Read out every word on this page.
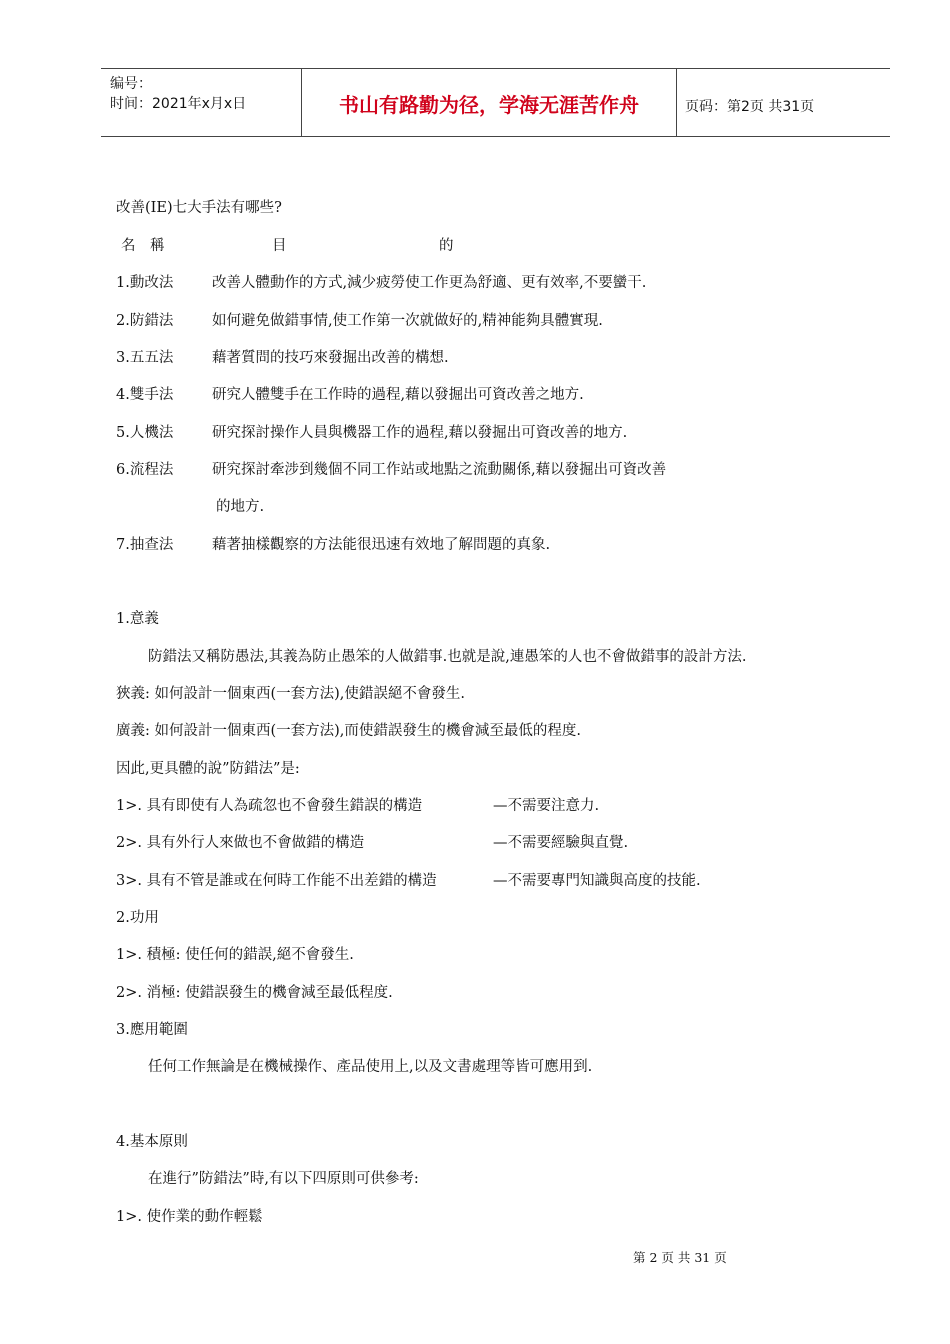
编号：
时间：2021年x月x日	书山有路勤为径，学海无涯苦作舟	页码：第2页 共31页
改善(IE)七大手法有哪些?
名　稱	目	的
1.動改法	改善人體動作的方式,減少疲勞使工作更為舒適、更有效率,不要蠻干.
2.防錯法	如何避免做錯事情,使工作第一次就做好的,精神能夠具體實現.
3.五五法	藉著質問的技巧來發掘出改善的構想.
4.雙手法	研究人體雙手在工作時的過程,藉以發掘出可資改善之地方.
5.人機法	研究探討操作人員與機器工作的過程,藉以發掘出可資改善的地方.
6.流程法	研究探討牽涉到幾個不同工作站或地點之流動關係,藉以發掘出可資改善
的地方.
7.抽查法	藉著抽樣觀察的方法能很迅速有效地了解問題的真象.
1.意義
防錯法又稱防愚法,其義為防止愚笨的人做錯事.也就是說,連愚笨的人也不會做錯事的設計方法.
狹義: 如何設計一個東西(一套方法),使錯誤絕不會發生.
廣義: 如何設計一個東西(一套方法),而使錯誤發生的機會減至最低的程度.
因此,更具體的說”防錯法”是:
1>. 具有即使有人為疏忽也不會發生錯誤的構造	—不需要注意力.
2>. 具有外行人來做也不會做錯的構造	—不需要經驗與直覺.
3>. 具有不管是誰或在何時工作能不出差錯的構造	—不需要專門知識與高度的技能.
2.功用
1>. 積極: 使任何的錯誤,絕不會發生.
2>. 消極: 使錯誤發生的機會減至最低程度.
3.應用範圍
任何工作無論是在機械操作、產品使用上,以及文書處理等皆可應用到.
4.基本原則
在進行”防錯法”時,有以下四原則可供參考:
1>. 使作業的動作輕鬆
第 2 页 共 31 页
